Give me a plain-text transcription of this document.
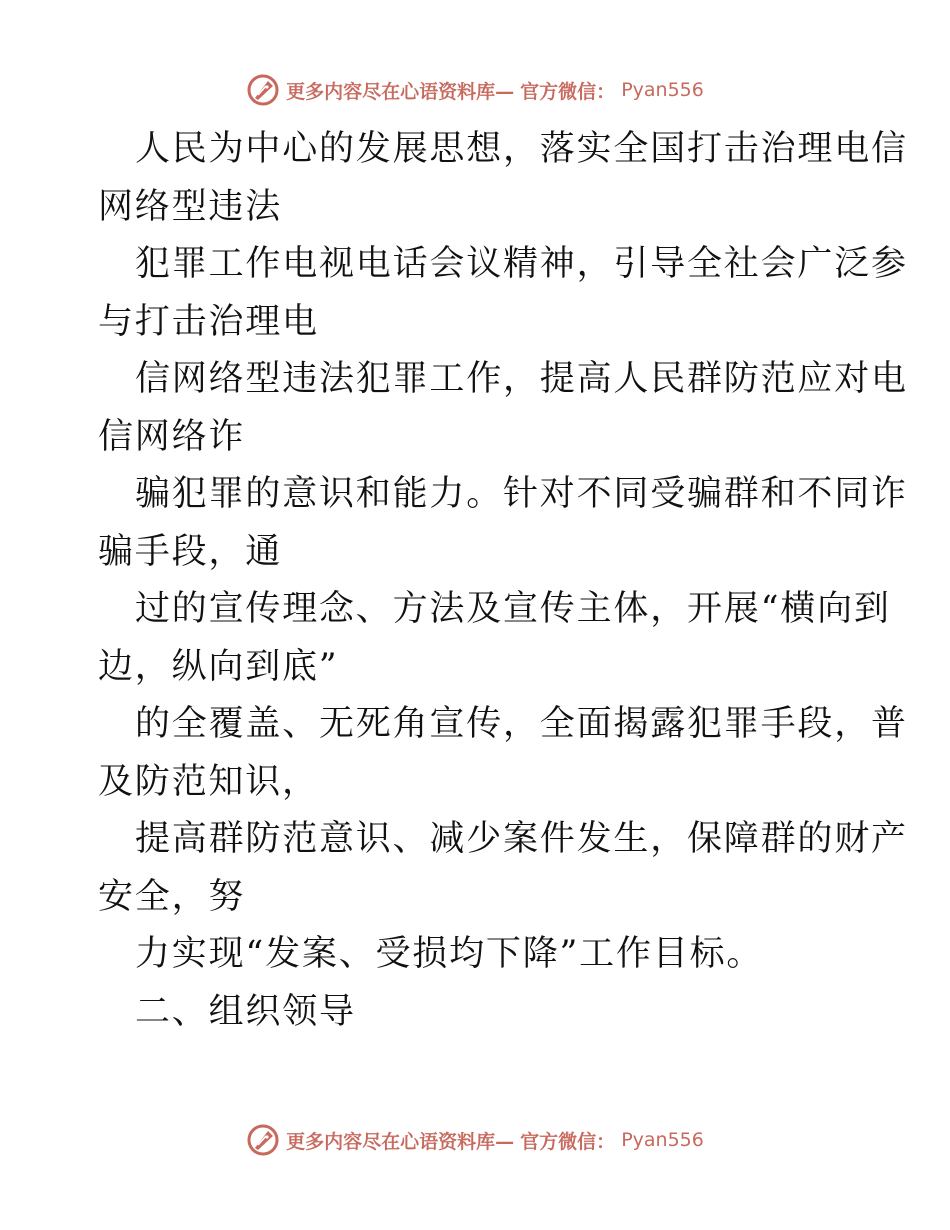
更多内容尽在心语资料库— 官方微信： Pyan556
人民为中心的发展思想，落实全国打击治理电信
网络型违法
犯罪工作电视电话会议精神，引导全社会广泛参
与打击治理电
信网络型违法犯罪工作，提高人民群防范应对电
信网络诈
骗犯罪的意识和能力。针对不同受骗群和不同诈
骗手段，通
过的宣传理念、方法及宣传主体，开展“横向到
边，纵向到底”
的全覆盖、无死角宣传，全面揭露犯罪手段，普
及防范知识，
提高群防范意识、减少案件发生，保障群的财产
安全，努
力实现“发案、受损均下降”工作目标。
二、组织领导
更多内容尽在心语资料库— 官方微信： Pyan556
